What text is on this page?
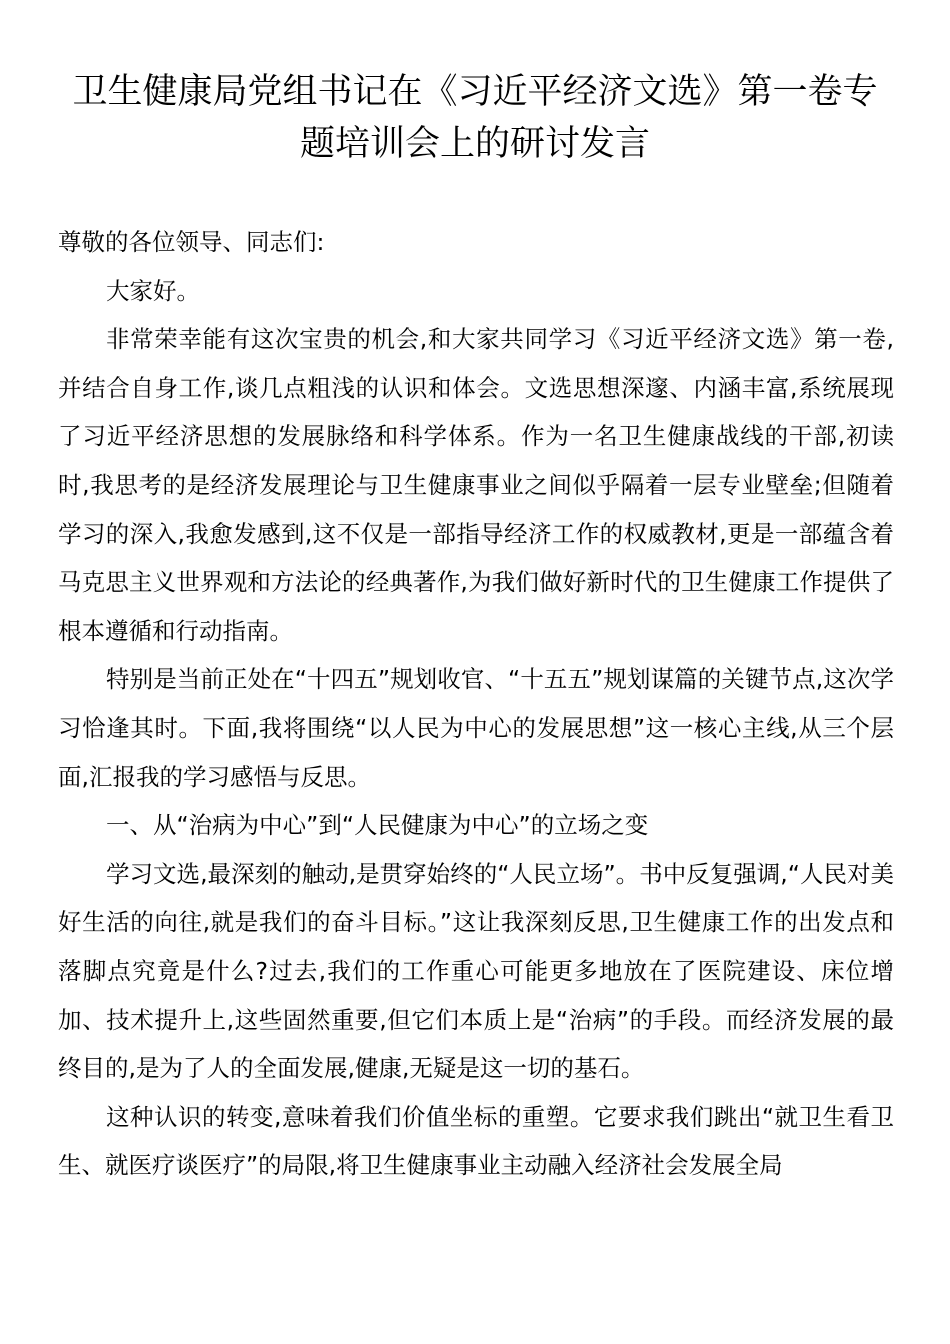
卫生健康局党组书记在《习近平经济文选》第一卷专
题培训会上的研讨发言

尊敬的各位领导、同志们:

大家好。

非常荣幸能有这次宝贵的机会,和大家共同学习《习近平经济文选》第一卷,并结合自身工作,谈几点粗浅的认识和体会。文选思想深邃、内涵丰富,系统展现了习近平经济思想的发展脉络和科学体系。作为一名卫生健康战线的干部,初读时,我思考的是经济发展理论与卫生健康事业之间似乎隔着一层专业壁垒;但随着学习的深入,我愈发感到,这不仅是一部指导经济工作的权威教材,更是一部蕴含着马克思主义世界观和方法论的经典著作,为我们做好新时代的卫生健康工作提供了根本遵循和行动指南。

特别是当前正处在“十四五”规划收官、“十五五”规划谋篇的关键节点,这次学习恰逢其时。下面,我将围绕“以人民为中心的发展思想”这一核心主线,从三个层面,汇报我的学习感悟与反思。

一、从“治病为中心”到“人民健康为中心”的立场之变

学习文选,最深刻的触动,是贯穿始终的“人民立场”。书中反复强调,“人民对美好生活的向往,就是我们的奋斗目标。”这让我深刻反思,卫生健康工作的出发点和落脚点究竟是什么?过去,我们的工作重心可能更多地放在了医院建设、床位增加、技术提升上,这些固然重要,但它们本质上是“治病”的手段。而经济发展的最终目的,是为了人的全面发展,健康,无疑是这一切的基石。

这种认识的转变,意味着我们价值坐标的重塑。它要求我们跳出“就卫生看卫生、就医疗谈医疗”的局限,将卫生健康事业主动融入经济社会发展全局
